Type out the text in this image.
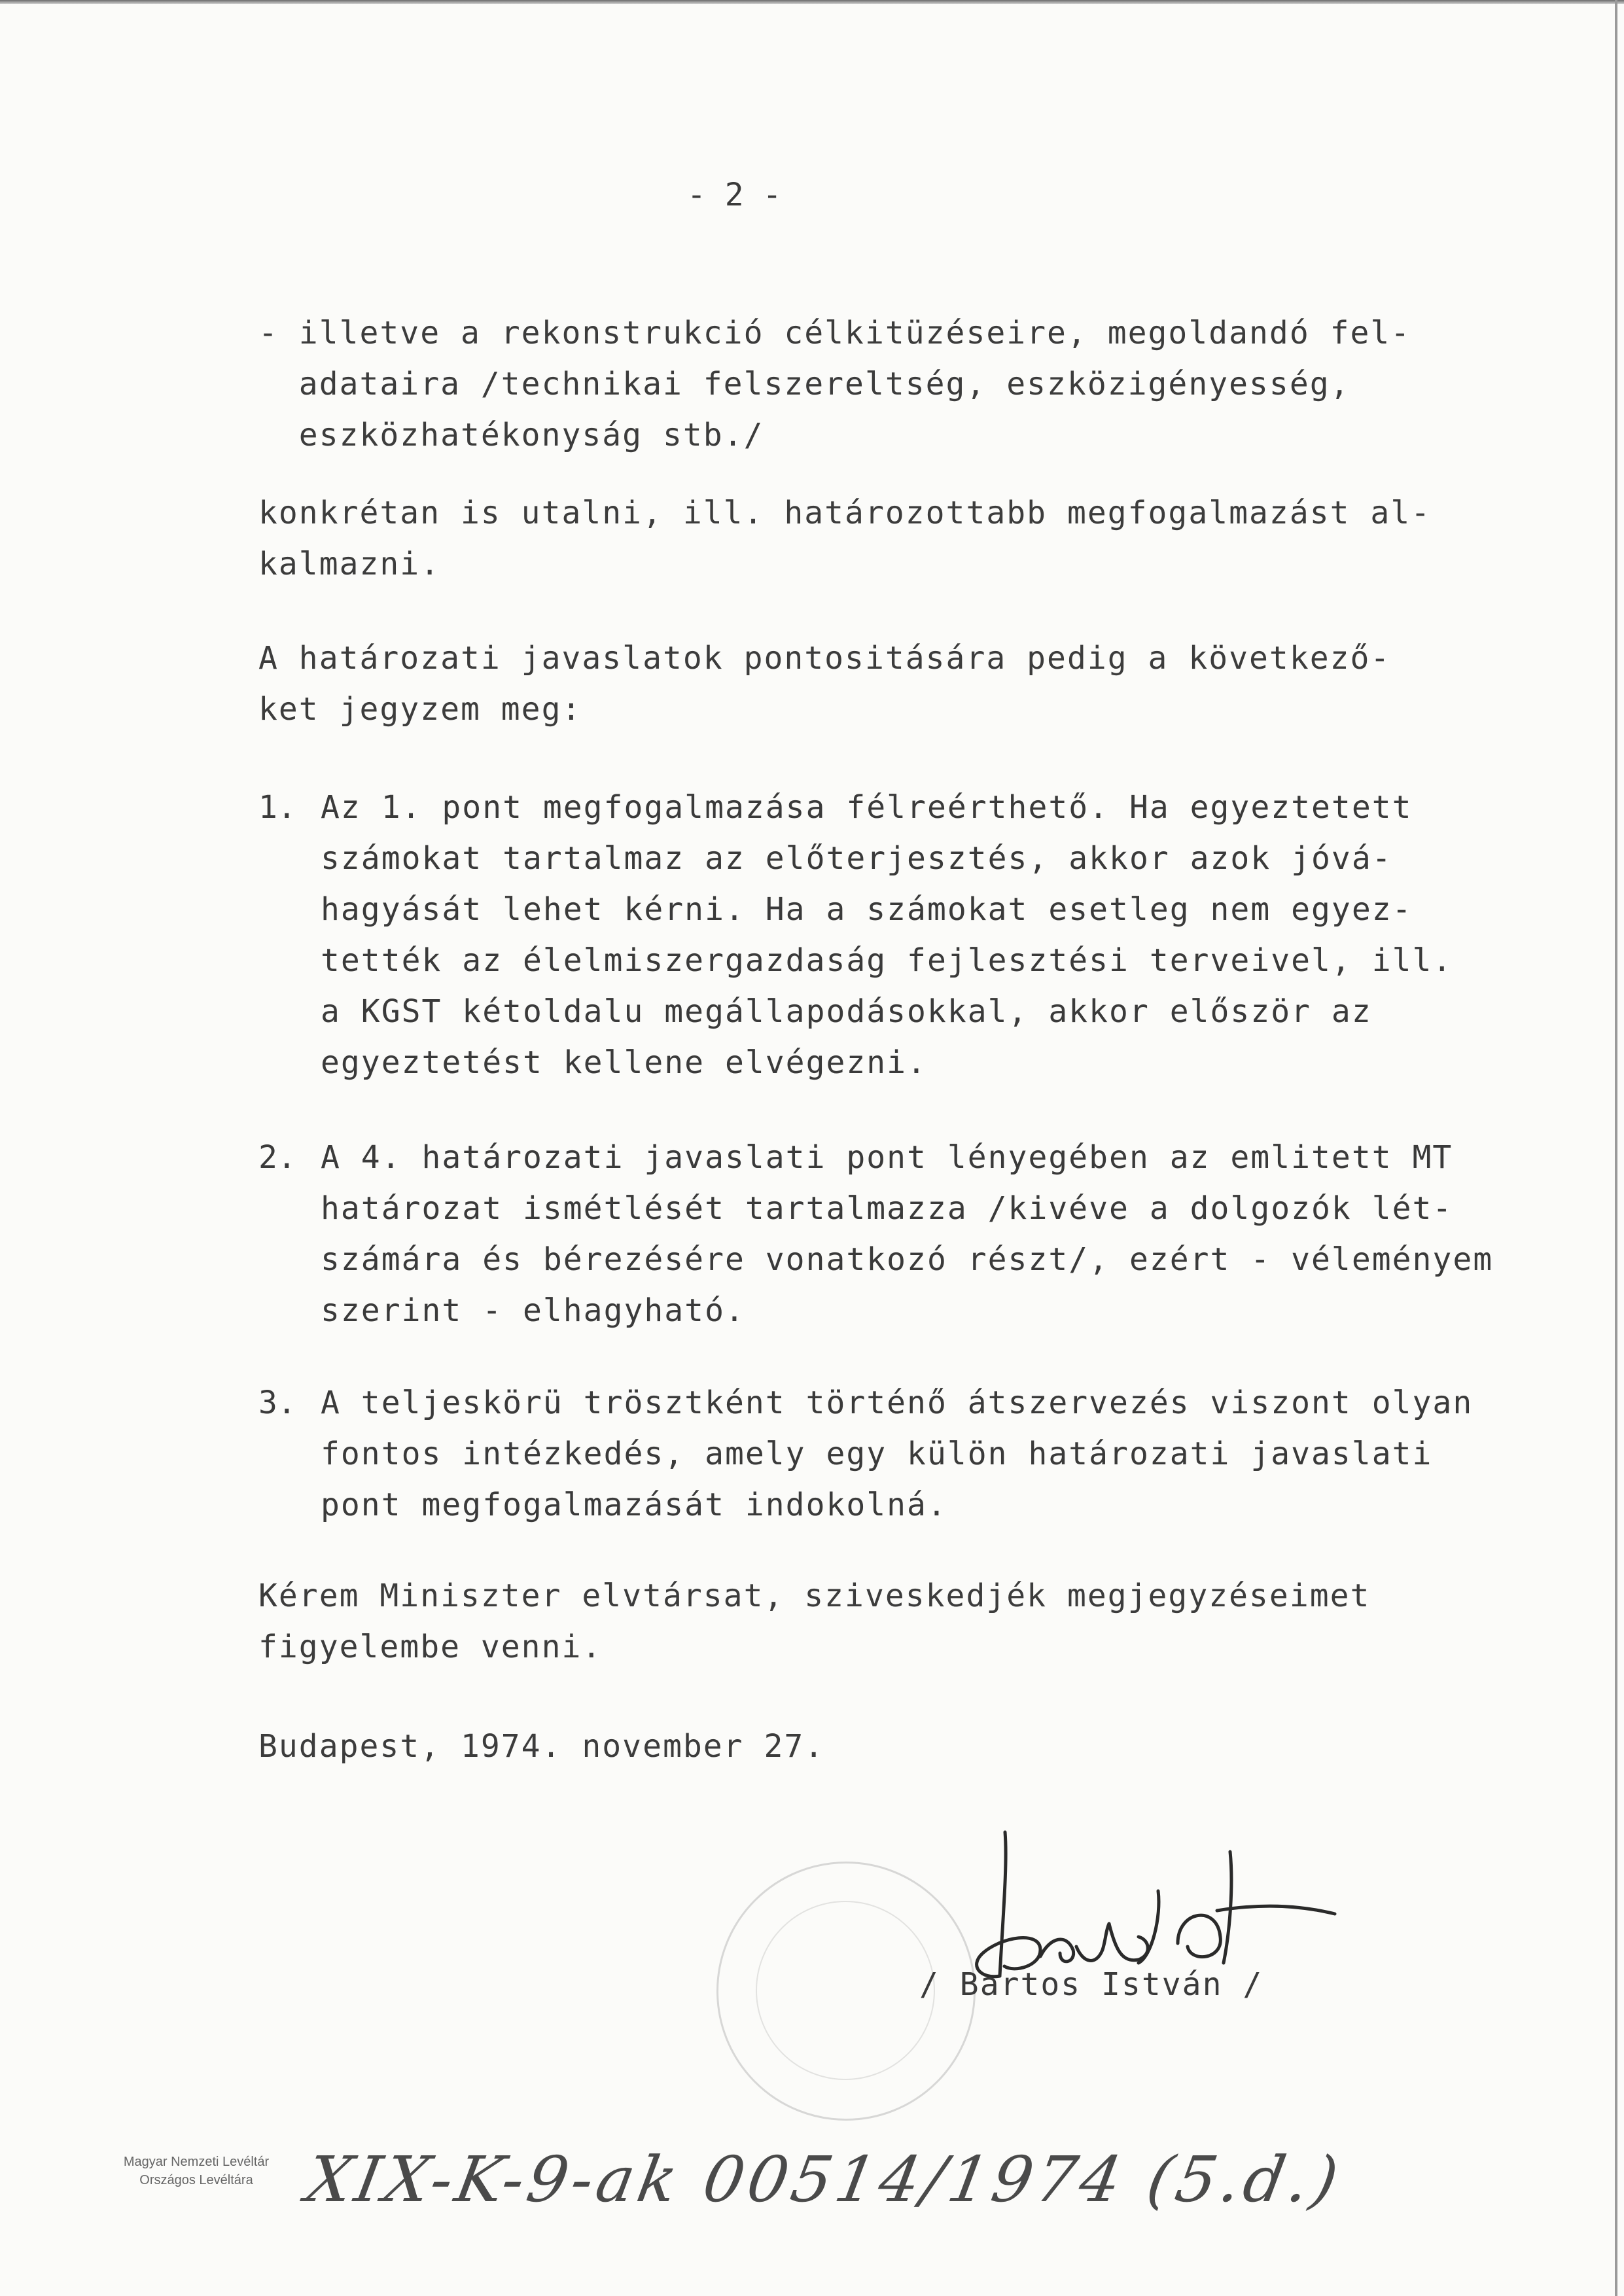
- 2 -
- illetve a rekonstrukció célkitüzéseire, megoldandó fel-
adataira /technikai felszereltség, eszközigényesség,
eszközhatékonyság stb./
konkrétan is utalni, ill. határozottabb megfogalmazást al-
kalmazni.
A határozati javaslatok pontositására pedig a következő-
ket jegyzem meg:
1. Az 1. pont megfogalmazása félreérthető. Ha egyeztetett
számokat tartalmaz az előterjesztés, akkor azok jóvá-
hagyását lehet kérni. Ha a számokat esetleg nem egyez-
tették az élelmiszergazdaság fejlesztési terveivel, ill.
a KGST kétoldalu megállapodásokkal, akkor először az
egyeztetést kellene elvégezni.
2. A 4. határozati javaslati pont lényegében az emlitett MT
határozat ismétlését tartalmazza /kivéve a dolgozók lét-
számára és bérezésére vonatkozó részt/, ezért - véleményem
szerint - elhagyható.
3. A teljeskörü trösztként történő átszervezés viszont olyan
fontos intézkedés, amely egy külön határozati javaslati
pont megfogalmazását indokolná.
Kérem Miniszter elvtársat, sziveskedjék megjegyzéseimet
figyelembe venni.
Budapest, 1974. november 27.
/ Bartos István /
Magyar Nemzeti Levéltár
Országos Levéltára XIX-K-9-ak 00514/1974 (5.d.)
